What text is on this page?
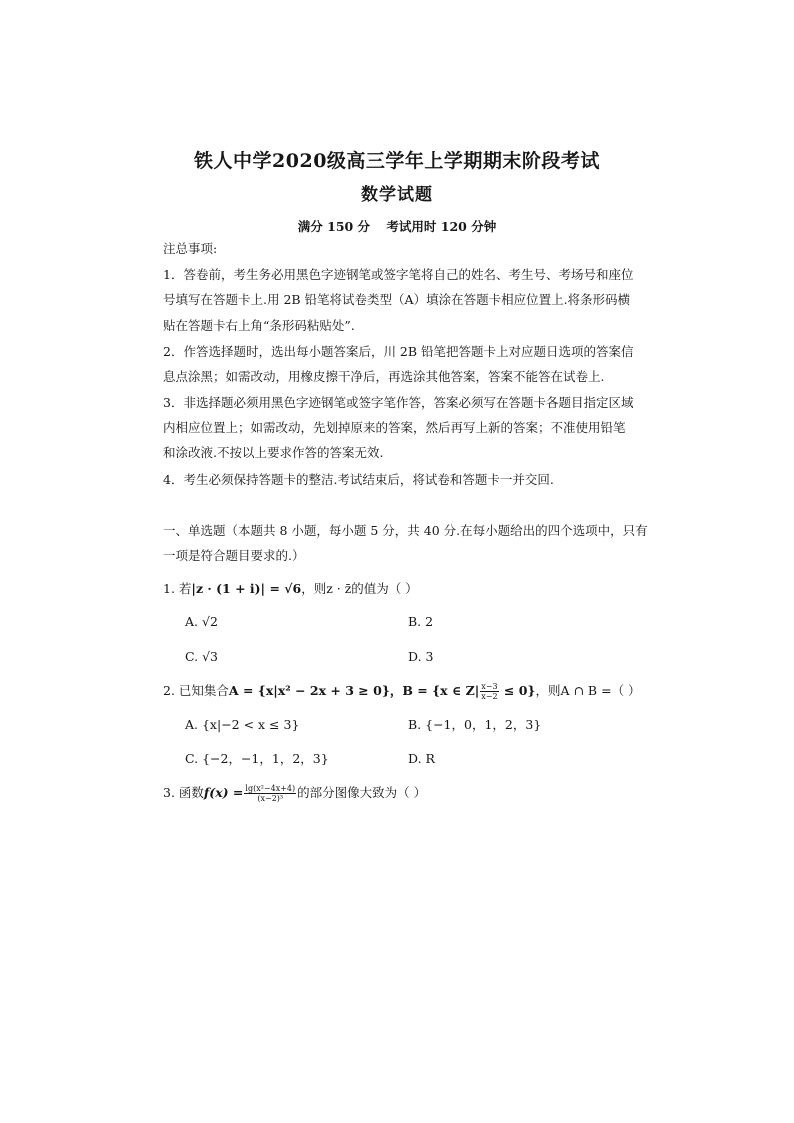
铁人中学2020级高三学年上学期期末阶段考试
数学试题
满分 150 分 考试用时 120 分钟
注总事项:
1．答卷前，考生务必用黑色字迹钢笔或签字笔将自己的姓名、考生号、考场号和座位
号填写在答题卡上.用 2B 铅笔将试卷类型（A）填涂在答题卡相应位置上.将条形码横
贴在答题卡右上角“条形码粘贴处”.
2．作答选择题时，选出每小题答案后，川 2B 铅笔把答题卡上对应题日选项的答案信
息点涂黑；如需改动，用橡皮擦干净后，再选涂其他答案，答案不能答在试卷上.
3．非选择题必须用黑色字迹钢笔或签字笔作答，答案必须写在答题卡各题目指定区域
内相应位置上；如需改动，先划掉原来的答案，然后再写上新的答案；不准使用铅笔
和涂改液.不按以上要求作答的答案无效.
4．考生必须保持答题卡的整洁.考试结束后，将试卷和答题卡一并交回.
一、单选题（本题共 8 小题，每小题 5 分，共 40 分.在每小题给出的四个选项中，只有
一项是符合题目要求的.）
1. 若|z · (1 + i)| = √6，则z · z̄的值为（ ）
A. √2	B. 2
C. √3	D. 3
2. 已知集合A = {x|x² − 2x + 3 ≥ 0}，B = {x ∈ $Z| \frac{x-3}{x-2} \le 0$}，则A ∩ B =（ ）
A. {x|−2 < x ≤ 3}	B. {−1，0，1，2，3}
C. {−2，−1，1，2，3}	D. R
3. 函数$f(x) = \frac{\text{lg(x²−4x+4)}}{\text{(x−2)³}}$ 的部分图像大致为（ ）
